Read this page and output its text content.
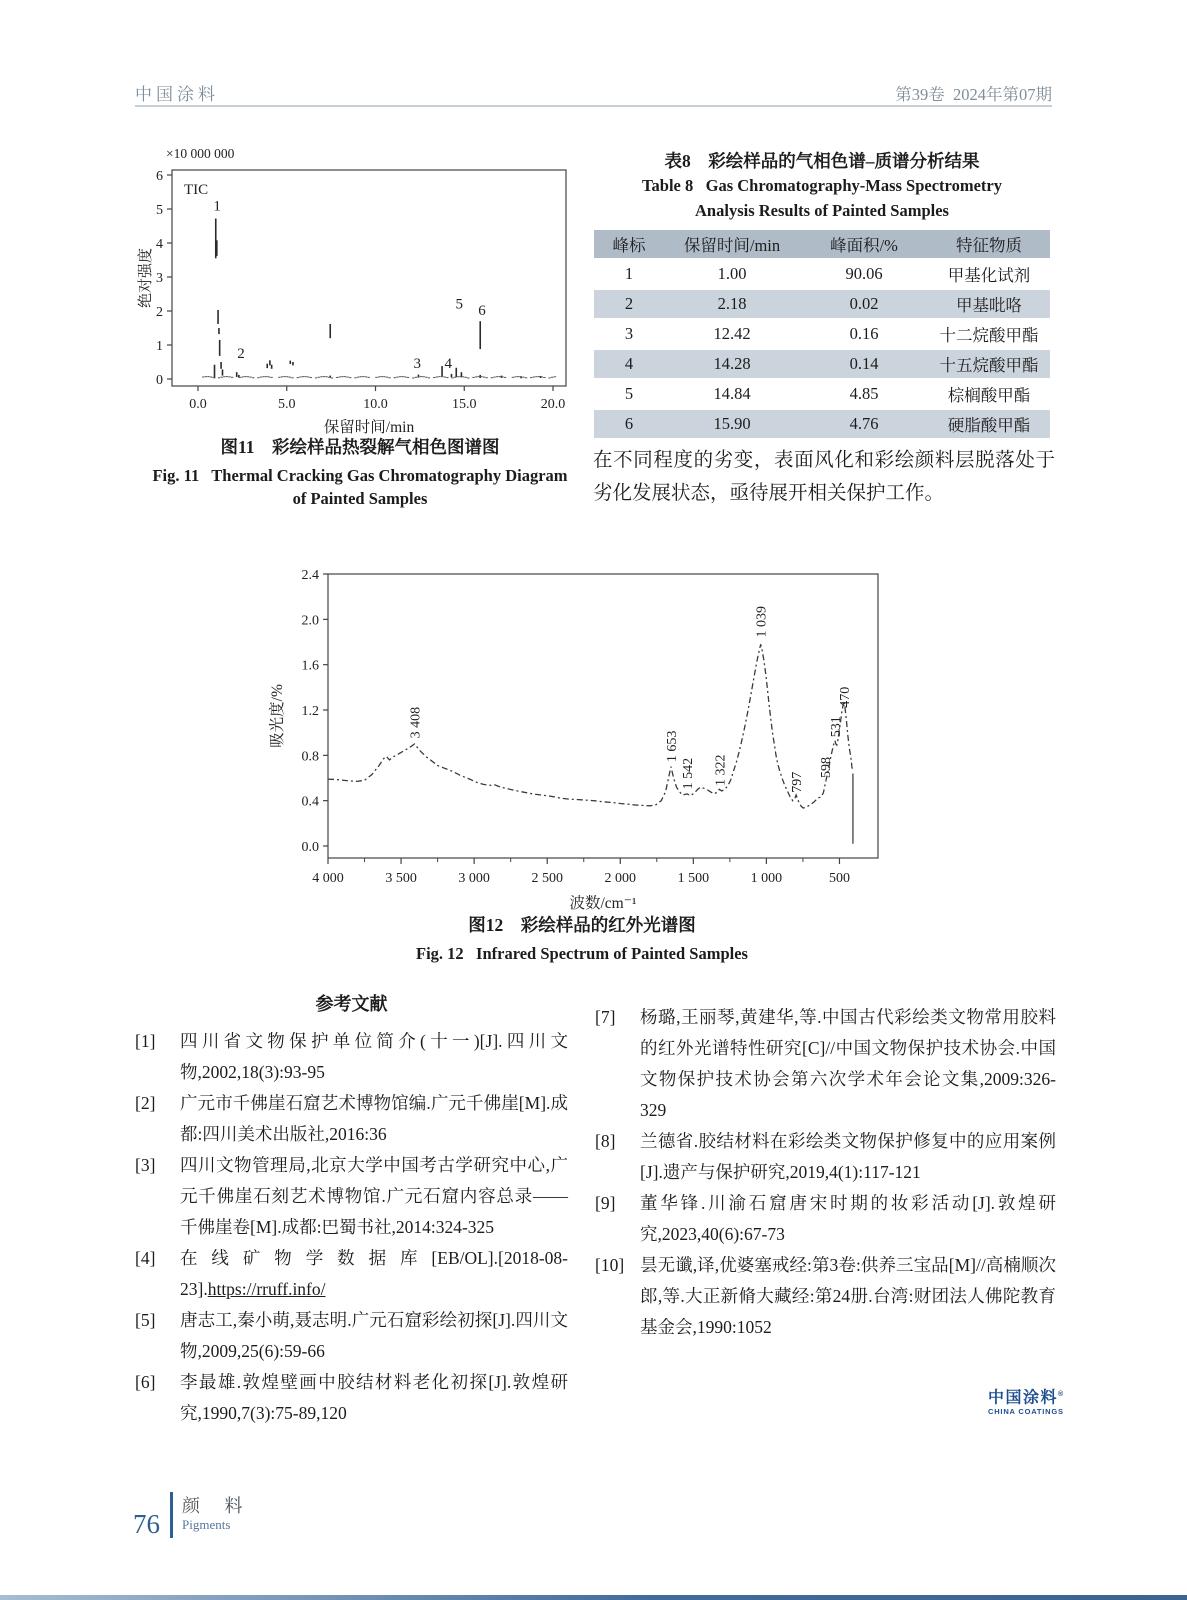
中国涂料	第39卷  2024年第07期
0
1
2
3
4
5
6
0.0	5.0	10.0	15.0	20.0
×10 000 000
TIC
绝对强度
保留时间/min
1
2
3 4
5 6
图11　彩绘样品热裂解气相色图谱图
Fig. 11   Thermal Cracking Gas Chromatography Diagram
of Painted Samples
表8　彩绘样品的气相色谱–质谱分析结果
Table 8   Gas Chromatography-Mass Spectrometry
Analysis Results of Painted Samples
峰标	保留时间/min	峰面积/%	特征物质
1	1.00	90.06	甲基化试剂
2	2.18	0.02	甲基吡咯
3	12.42	0.16	十二烷酸甲酯
4	14.28	0.14	十五烷酸甲酯
5	14.84	4.85	棕榈酸甲酯
6	15.90	4.76	硬脂酸甲酯

在不同程度的劣变，表面风化和彩绘颜料层脱落处于劣化发展状态，亟待展开相关保护工作。

0.0
0.4
0.8
1.2
1.6
2.0
2.4
4 000	3 500	3 000	2 500	2 000	1 500	1 000	500
3 408
1 653
1 542 1 322
1 039
797
598
531
470
波数/cm⁻¹
吸光度/%
图12　彩绘样品的红外光谱图
Fig. 12   Infrared Spectrum of Painted Samples
参考文献
[1]	四川省文物保护单位简介(十一)[J].四川文物,2002,18(3):93-95
[2]	广元市千佛崖石窟艺术博物馆编.广元千佛崖[M].成都:四川美术出版社,2016:36
[3]	四川文物管理局,北京大学中国考古学研究中心,广元千佛崖石刻艺术博物馆.广元石窟内容总录——千佛崖卷[M].成都:巴蜀书社,2014:324-325
[4]	在线矿物学数据库[EB/OL].[2018-08-23].https://rruff.info/
[5]	唐志工,秦小萌,聂志明.广元石窟彩绘初探[J].四川文物,2009,25(6):59-66
[6]	李最雄.敦煌壁画中胶结材料老化初探[J].敦煌研究,1990,7(3):75-89,120
[7]	杨璐,王丽琴,黄建华,等.中国古代彩绘类文物常用胶料的红外光谱特性研究[C]//中国文物保护技术协会.中国文物保护技术协会第六次学术年会论文集,2009:326-329
[8]	兰德省.胶结材料在彩绘类文物保护修复中的应用案例[J].遗产与保护研究,2019,4(1):117-121
[9]	董华锋.川渝石窟唐宋时期的妆彩活动[J].敦煌研究,2023,40(6):67-73
[10] 昙无谶,译,优婆塞戒经:第3卷:供养三宝品[M]//高楠顺次郎,等.大正新脩大藏经:第24册.台湾:财团法人佛陀教育基金会,1990:1052
中国涂料®
CHINA COATINGS
76
颜 料
Pigments
